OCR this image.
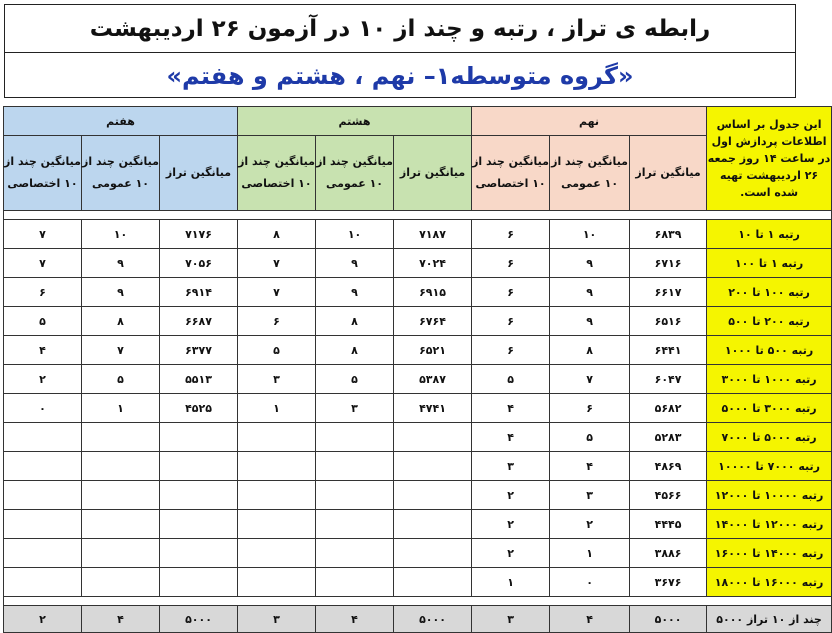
رابطه ی تراز ، رتبه و چند از ۱۰ در آزمون ۲۶ اردیبهشت
«گروه متوسطه۱– نهم ، هشتم و هفتم»
این جدول بر اساس اطلاعات پردازش اول در ساعت ۱۴ روز جمعه ۲۶ اردیبهشت تهیه شده است.	نهم			هشتم			هفتم		
	میانگین تراز	میانگین چند از ۱۰ عمومی	میانگین چند از ۱۰ اختصاصی	میانگین تراز	میانگین چند از ۱۰ عمومی	میانگین چند از ۱۰ اختصاصی	میانگین تراز	میانگین چند از ۱۰ عمومی	میانگین چند از ۱۰ اختصاصی

رتبه ۱ تا ۱۰	۶۸۳۹	۱۰	۶	۷۱۸۷	۱۰	۸	۷۱۷۶	۱۰	۷
رتبه ۱ تا ۱۰۰	۶۷۱۶	۹	۶	۷۰۲۴	۹	۷	۷۰۵۶	۹	۷
رتبه ۱۰۰ تا ۲۰۰	۶۶۱۷	۹	۶	۶۹۱۵	۹	۷	۶۹۱۴	۹	۶
رتبه ۲۰۰ تا ۵۰۰	۶۵۱۶	۹	۶	۶۷۶۴	۸	۶	۶۶۸۷	۸	۵
رتبه ۵۰۰ تا ۱۰۰۰	۶۴۴۱	۸	۶	۶۵۲۱	۸	۵	۶۳۷۷	۷	۴
رتبه ۱۰۰۰ تا ۳۰۰۰	۶۰۴۷	۷	۵	۵۳۸۷	۵	۳	۵۵۱۳	۵	۲
رتبه ۳۰۰۰ تا ۵۰۰۰	۵۶۸۲	۶	۴	۴۷۴۱	۳	۱	۴۵۲۵	۱	۰
رتبه ۵۰۰۰ تا ۷۰۰۰	۵۲۸۳	۵	۴						
رتبه ۷۰۰۰ تا ۱۰۰۰۰	۴۸۶۹	۴	۳						
رتبه ۱۰۰۰۰ تا ۱۲۰۰۰	۴۵۶۶	۳	۲						
رتبه ۱۲۰۰۰ تا ۱۴۰۰۰	۴۴۴۵	۲	۲						
رتبه ۱۴۰۰۰ تا ۱۶۰۰۰	۳۸۸۶	۱	۲						
رتبه ۱۶۰۰۰ تا ۱۸۰۰۰	۳۶۷۶	۰	۱						

چند از ۱۰ تراز ۵۰۰۰	۵۰۰۰	۴	۳	۵۰۰۰	۴	۳	۵۰۰۰	۴	۲
